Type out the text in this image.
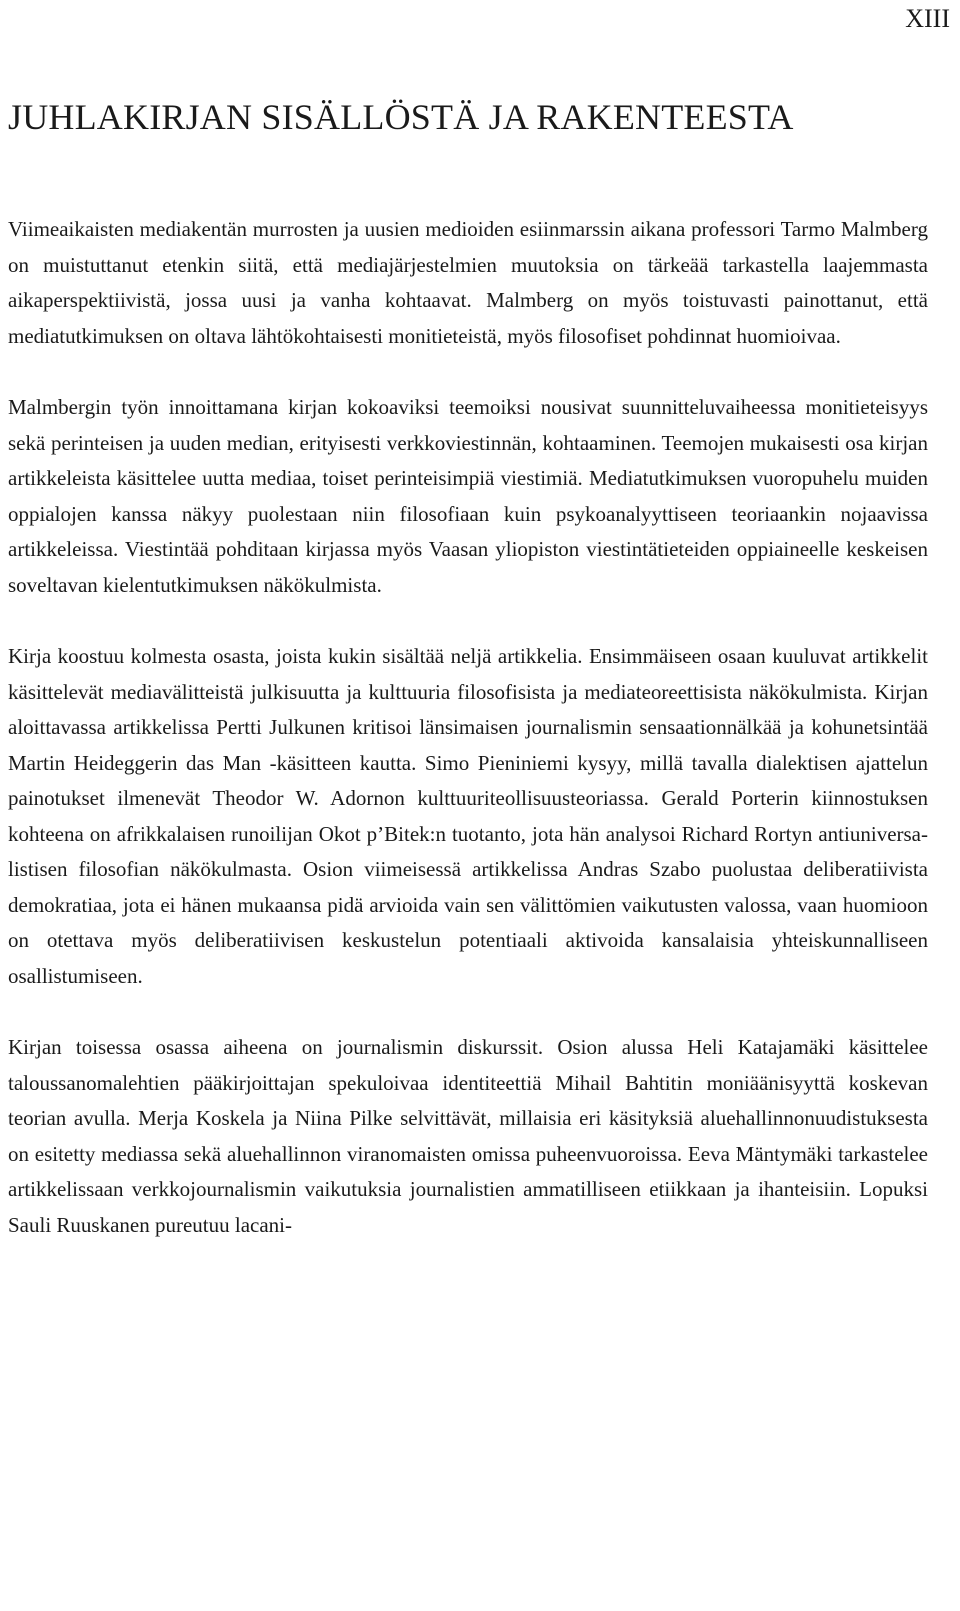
XIII
JUHLAKIRJAN SISÄLLÖSTÄ JA RAKENTEESTA

Viimeaikaisten mediakentän murrosten ja uusien medioiden esiinmarssin aikana professori Tarmo Malmberg on muistuttanut etenkin siitä, että mediajärjestelmien muutoksia on tärkeää tarkastella laajemmasta aikaperspektiivistä, jossa uusi ja vanha kohtaavat. Malmberg on myös toistuvasti painottanut, että mediatutkimuksen on oltava lähtökohtaisesti monitieteistä, myös filosofiset pohdinnat huomioivaa.

Malmbergin työn innoittamana kirjan kokoaviksi teemoiksi nousivat suunnitteluvaiheessa monitieteisyys sekä perinteisen ja uuden median, erityisesti verkkoviestinnän, kohtaaminen. Teemojen mukaisesti osa kirjan artikkeleista käsittelee uutta mediaa, toiset perinteisimpiä viestimiä. Mediatutkimuksen vuoropuhelu muiden oppialojen kanssa näkyy puolestaan niin filosofiaan kuin psykoanalyyttiseen teoriaankin nojaavissa artikkeleissa. Viestintää pohditaan kirjassa myös Vaasan yliopiston viestintätieteiden oppiaineelle keskeisen soveltavan kielentutkimuksen näkökulmista.

Kirja koostuu kolmesta osasta, joista kukin sisältää neljä artikkelia. Ensimmäiseen osaan kuuluvat artikkelit käsittelevät mediavälitteistä julkisuutta ja kulttuuria filosofisista ja mediateoreettisista näkökulmista. Kirjan aloittavassa artikkelissa Pertti Julkunen kritisoi länsimaisen journalismin sensaationnälkää ja kohunetsintää Martin Heideggerin das Man -käsitteen kautta. Simo Pieniniemi kysyy, millä tavalla dialektisen ajattelun painotukset ilmenevät Theodor W. Adornon kulttuuriteollisuusteoriassa. Gerald Porterin kiinnostuksen kohteena on afrikkalaisen runoilijan Okot p’Bitek:n tuotanto, jota hän analysoi Richard Rortyn antiuniversalistisen filosofian näkökulmasta. Osion viimeisessä artikkelissa Andras Szabo puolustaa deliberatiivista demokratiaa, jota ei hänen mukaansa pidä arvioida vain sen välittömien vaikutusten valossa, vaan huomioon on otettava myös deliberatiivisen keskustelun potentiaali aktivoida kansalaisia yhteiskunnalliseen osallistumiseen.

Kirjan toisessa osassa aiheena on journalismin diskurssit. Osion alussa Heli Katajamäki käsittelee taloussanomalehtien pääkirjoittajan spekuloivaa identiteettiä Mihail Bahtitin moniäänisyyttä koskevan teorian avulla. Merja Koskela ja Niina Pilke selvittävät, millaisia eri käsityksiä aluehallinnonuudistuksesta on esitetty mediassa sekä aluehallinnon viranomaisten omissa puheenvuoroissa. Eeva Mäntymäki tarkastelee artikkelissaan verkkojournalismin vaikutuksia journalistien ammatilliseen etiikkaan ja ihanteisiin. Lopuksi Sauli Ruuskanen pureutuu lacani-
